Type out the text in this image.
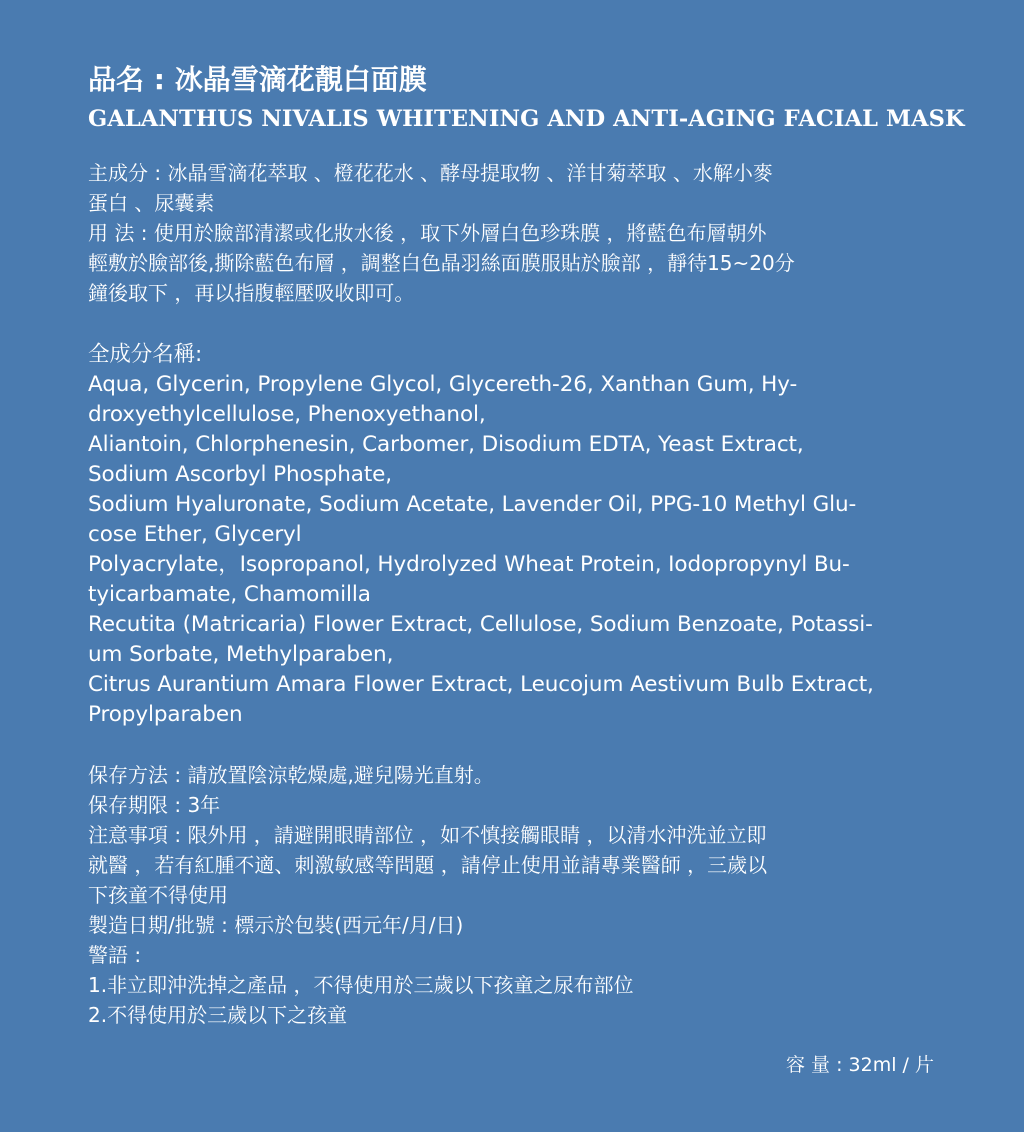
品名 : 冰晶雪滴花靚白面膜
GALANTHUS NIVALIS WHITENING AND ANTI-AGING FACIAL MASK
主成分 : 冰晶雪滴花萃取 、橙花花水 、酵母提取物 、洋甘菊萃取 、水解小麥
蛋白 、尿囊素
用 法 : 使用於臉部清潔或化妝水後 ，取下外層白色珍珠膜 ，將藍色布層朝外
輕敷於臉部後,撕除藍色布層 ，調整白色晶羽絲面膜服貼於臉部 ，靜待15~20分
鐘後取下 ，再以指腹輕壓吸收即可。
全成分名稱:
Aqua, Glycerin, Propylene Glycol, Glycereth-26, Xanthan Gum, Hy-
droxyethylcellulose, Phenoxyethanol,
Aliantoin, Chlorphenesin, Carbomer, Disodium EDTA, Yeast Extract,
Sodium Ascorbyl Phosphate,
Sodium Hyaluronate, Sodium Acetate, Lavender Oil, PPG-10 Methyl Glu-
cose Ether, Glyceryl
Polyacrylate，Isopropanol, Hydrolyzed Wheat Protein, Iodopropynyl Bu-
tyicarbamate, Chamomilla
Recutita (Matricaria) Flower Extract, Cellulose, Sodium Benzoate, Potassi-
um Sorbate, Methylparaben,
Citrus Aurantium Amara Flower Extract, Leucojum Aestivum Bulb Extract,
Propylparaben
保存方法 : 請放置陰涼乾燥處,避兒陽光直射。
保存期限 : 3年
注意事項 : 限外用 ，請避開眼睛部位 ，如不慎接觸眼睛 ，以清水沖洗並立即
就醫 ，若有紅腫不適、刺激敏感等問題 ，請停止使用並請專業醫師 ，三歲以
下孩童不得使用
製造日期/批號 : 標示於包裝(西元年/月/日)
警語 :
1.非立即沖洗掉之產品 ，不得使用於三歲以下孩童之尿布部位
2.不得使用於三歲以下之孩童
容 量 : 32ml / 片
